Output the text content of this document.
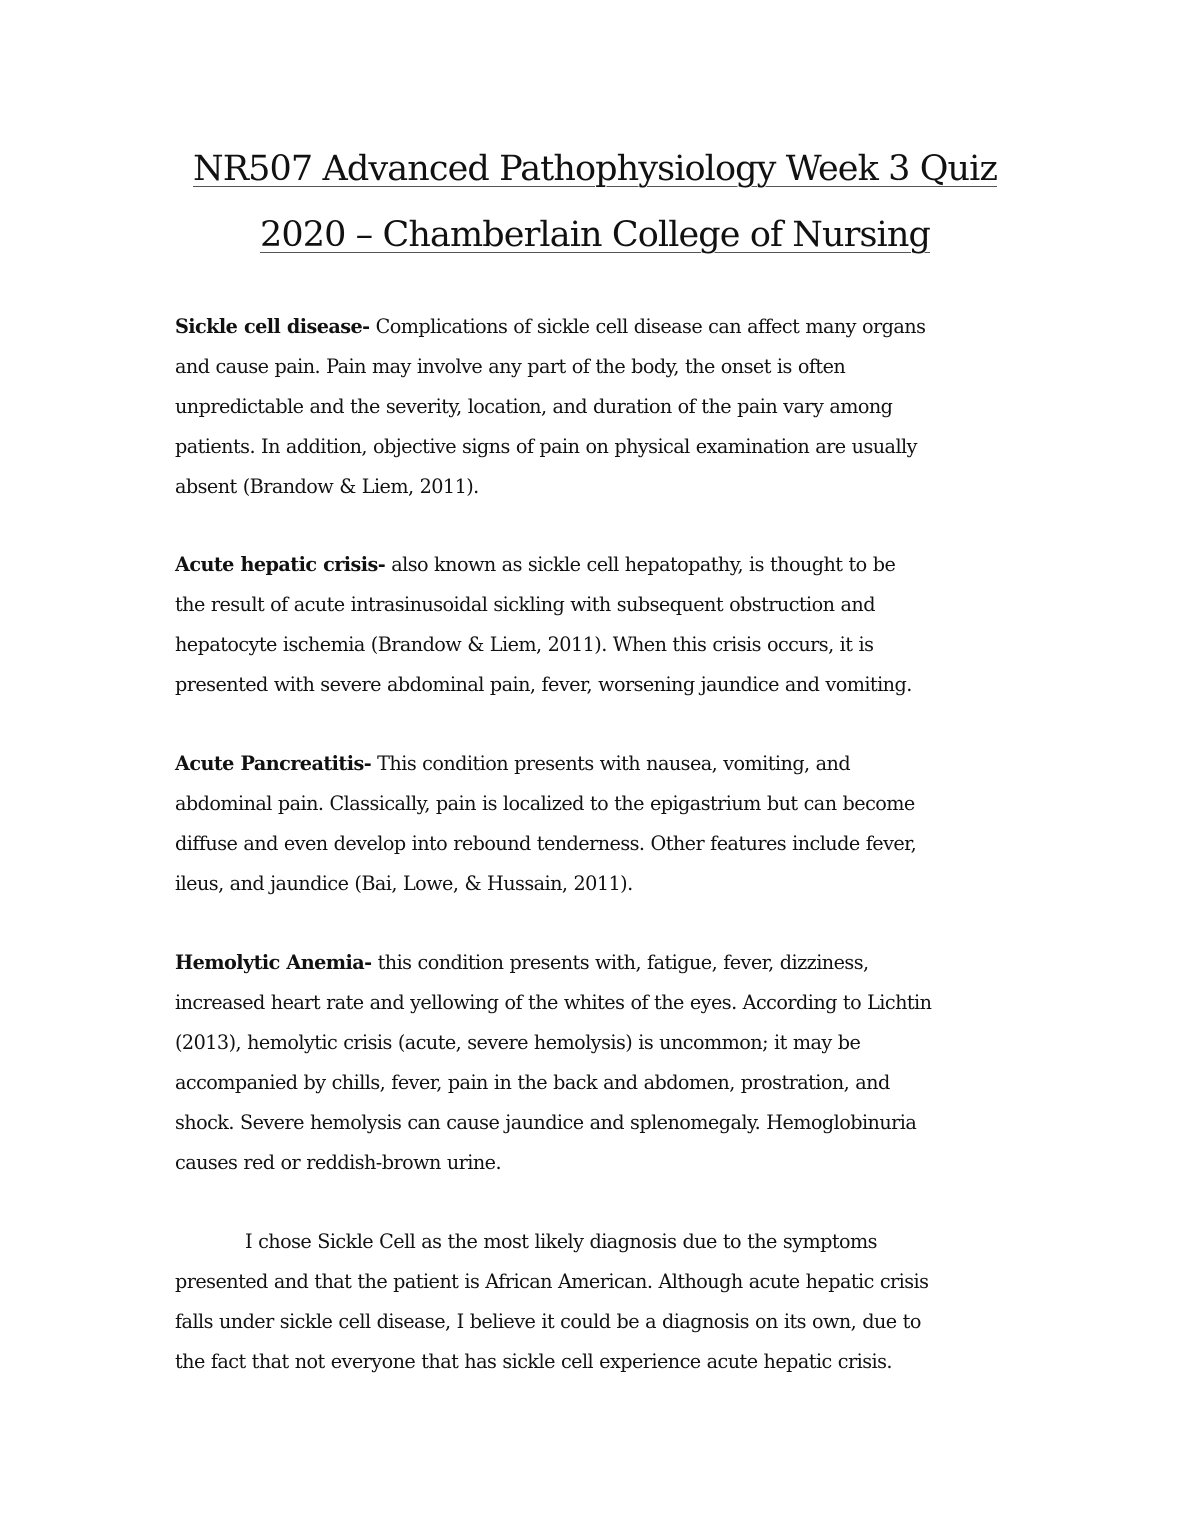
NR507 Advanced Pathophysiology Week 3 Quiz
2020 – Chamberlain College of Nursing
Sickle cell disease- Complications of sickle cell disease can affect many organs
and cause pain. Pain may involve any part of the body, the onset is often
unpredictable and the severity, location, and duration of the pain vary among
patients. In addition, objective signs of pain on physical examination are usually
absent (Brandow & Liem, 2011).
Acute hepatic crisis- also known as sickle cell hepatopathy, is thought to be
the result of acute intrasinusoidal sickling with subsequent obstruction and
hepatocyte ischemia (Brandow & Liem, 2011). When this crisis occurs, it is
presented with severe abdominal pain, fever, worsening jaundice and vomiting.
Acute Pancreatitis- This condition presents with nausea, vomiting, and
abdominal pain. Classically, pain is localized to the epigastrium but can become
diffuse and even develop into rebound tenderness. Other features include fever,
ileus, and jaundice (Bai, Lowe, & Hussain, 2011).
Hemolytic Anemia- this condition presents with, fatigue, fever, dizziness,
increased heart rate and yellowing of the whites of the eyes. According to Lichtin
(2013), hemolytic crisis (acute, severe hemolysis) is uncommon; it may be
accompanied by chills, fever, pain in the back and abdomen, prostration, and
shock. Severe hemolysis can cause jaundice and splenomegaly. Hemoglobinuria
causes red or reddish-brown urine.
I chose Sickle Cell as the most likely diagnosis due to the symptoms
presented and that the patient is African American. Although acute hepatic crisis
falls under sickle cell disease, I believe it could be a diagnosis on its own, due to
the fact that not everyone that has sickle cell experience acute hepatic crisis.
